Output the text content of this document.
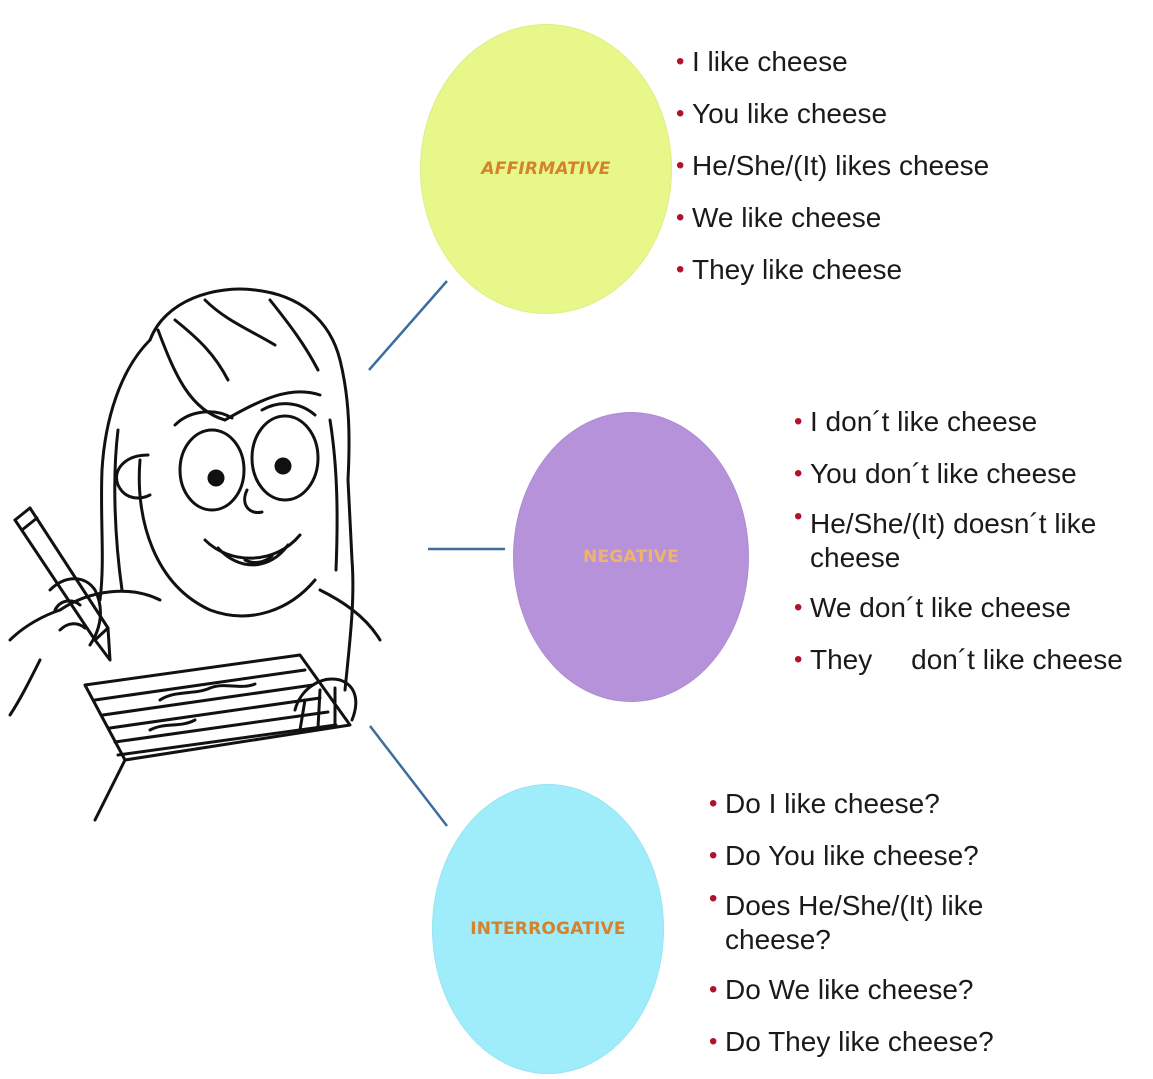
AFFIRMATIVE
NEGATIVE
INTERROGATIVE
• I like cheese
• You like cheese
• He/She/(It) likes cheese
• We like cheese
• They like cheese
• I don´t like cheese
• You don´t like cheese
• He/She/(It) doesn´t like cheese
• We don´t like cheese
• They     don´t like cheese
• Do I like cheese?
• Do You like cheese?
• Does He/She/(It) like cheese?
• Do We like cheese?
• Do They like cheese?
